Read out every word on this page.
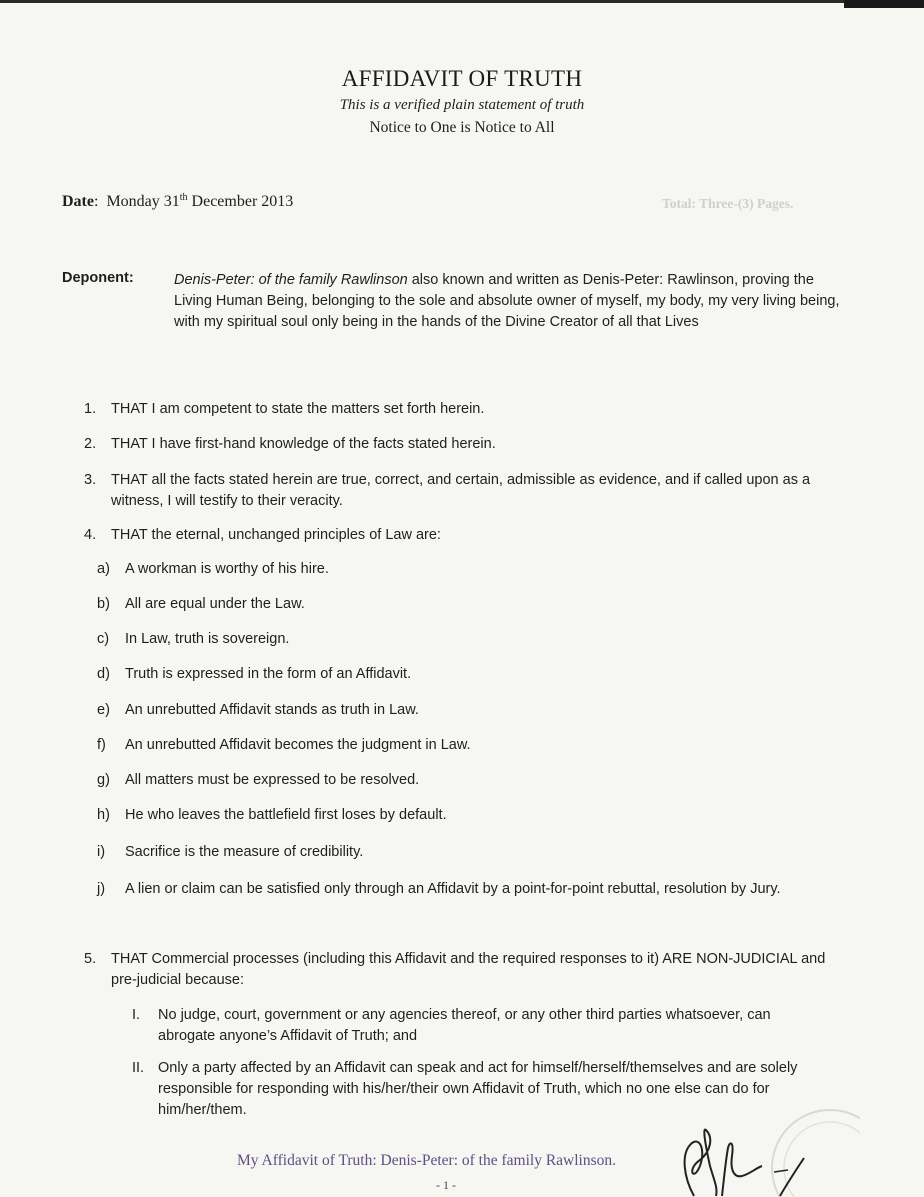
AFFIDAVIT OF TRUTH
This is a verified plain statement of truth
Notice to One is Notice to All
Date:  Monday 31th December 2013	Total: Three-(3) Pages.
Deponent:	Denis-Peter: of the family Rawlinson also known and written as Denis-Peter: Rawlinson, proving the Living Human Being, belonging to the sole and absolute owner of myself, my body, my very living being, with my spiritual soul only being in the hands of the Divine Creator of all that Lives
1. THAT I am competent to state the matters set forth herein.
2. THAT I have first-hand knowledge of the facts stated herein.
3. THAT all the facts stated herein are true, correct, and certain, admissible as evidence, and if called upon as a witness, I will testify to their veracity.
4. THAT the eternal, unchanged principles of Law are:
a) A workman is worthy of his hire.
b) All are equal under the Law.
c) In Law, truth is sovereign.
d) Truth is expressed in the form of an Affidavit.
e) An unrebutted Affidavit stands as truth in Law.
f) An unrebutted Affidavit becomes the judgment in Law.
g) All matters must be expressed to be resolved.
h) He who leaves the battlefield first loses by default.
i) Sacrifice is the measure of credibility.
j) A lien or claim can be satisfied only through an Affidavit by a point-for-point rebuttal, resolution by Jury.
5. THAT Commercial processes (including this Affidavit and the required responses to it) ARE NON-JUDICIAL and pre-judicial because:
I. No judge, court, government or any agencies thereof, or any other third parties whatsoever, can abrogate anyone’s Affidavit of Truth; and
II. Only a party affected by an Affidavit can speak and act for himself/herself/themselves and are solely responsible for responding with his/her/their own Affidavit of Truth, which no one else can do for him/her/them.
My Affidavit of Truth: Denis-Peter: of the family Rawlinson.
- 1 -
